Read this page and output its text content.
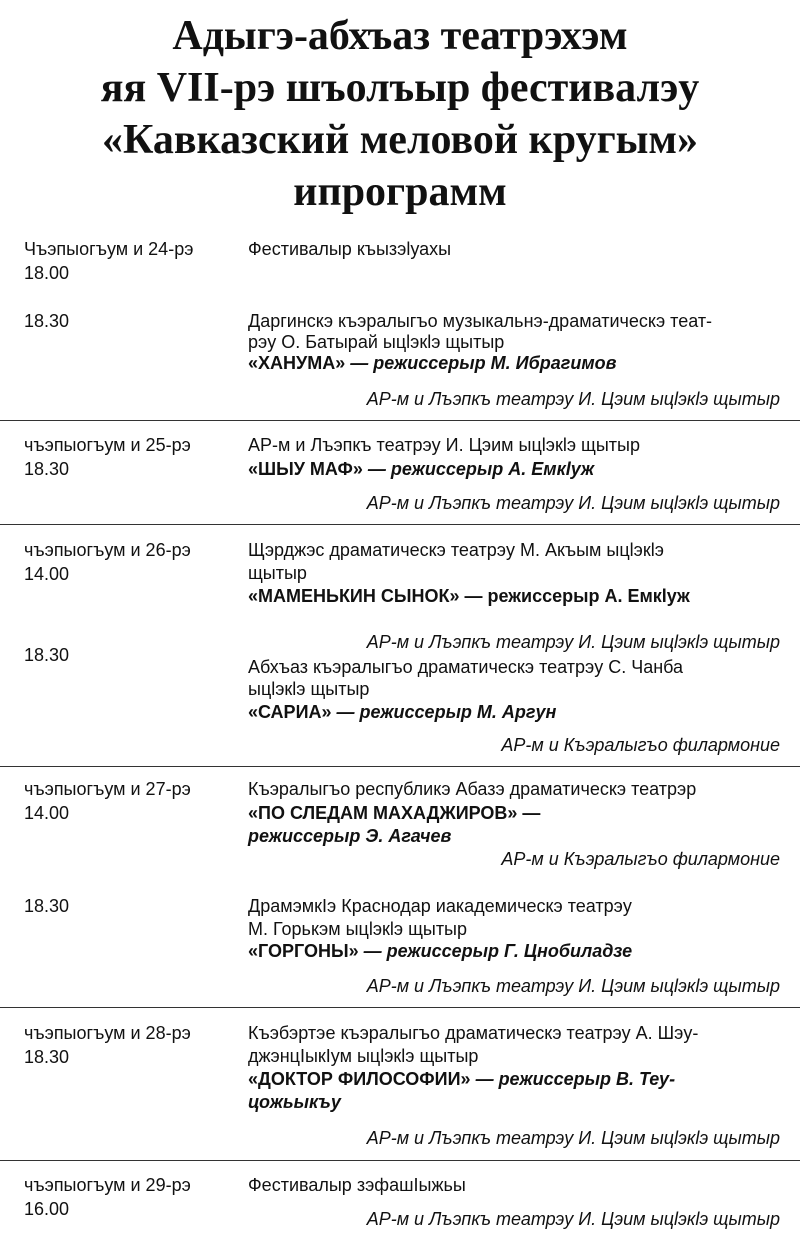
Адыгэ-абхъаз театрэхэм
яя VII-рэ шъолъыр фестивалэу
«Кавказский меловой кругым»
ипрограмм
Чъэпыогъум и 24-рэ
18.00
Фестивалыр къызэlуахы
18.30	Даргинскэ къэралыгъо музыкальнэ-драматическэ теат-
рэу О. Батырай ыцlэкlэ щытыр
«ХАНУМА» — режиссерыр М. Ибрагимов
АР-м и Лъэпкъ театрэу И. Цэим ыцlэкlэ щытыр
чъэпыогъум и 25-рэ
18.30
АР-м и Лъэпкъ театрэу И. Цэим ыцlэкlэ щытыр
«ШЫУ МАФ» — режиссерыр А. Емкlуж
АР-м и Лъэпкъ театрэу И. Цэим ыцlэкlэ щытыр
чъэпыогъум и 26-рэ
14.00
Щэрджэс драматическэ театрэу М. Акъым ыцlэкlэ
щытыр
«МАМЕНЬКИН СЫНОК» — режиссерыр А. Емкlуж
АР-м и Лъэпкъ театрэу И. Цэим ыцlэкlэ щытыр
18.30
Абхъаз къэралыгъо драматическэ театрэу С. Чанба
ыцlэкlэ щытыр
«САРИА» — режиссерыр М. Аргун
АР-м и Къэралыгъо филармоние
чъэпыогъум и 27-рэ
14.00
Къэралыгъо республикэ Абазэ драматическэ театрэр
«ПО СЛЕДАМ МАХАДЖИРОВ» —
режиссерыр Э. Агачев
АР-м и Къэралыгъо филармоние
18.30	ДрамэмкIэ Краснодар иакадемическэ театрэу
М. Горькэм ыцlэкlэ щытыр
«ГОРГОНЫ» — режиссерыр Г. Цнобиладзе
АР-м и Лъэпкъ театрэу И. Цэим ыцlэкlэ щытыр
чъэпыогъум и 28-рэ
18.30
Къэбэртэе къэралыгъо драматическэ театрэу А. Шэу-
джэнцIыкIум ыцlэкlэ щытыр
«ДОКТОР ФИЛОСОФИИ» — режиссерыр В. Теу-
цожьыкъу
АР-м и Лъэпкъ театрэу И. Цэим ыцlэкlэ щытыр
чъэпыогъум и 29-рэ
16.00
Фестивалыр зэфашIыжьы
АР-м и Лъэпкъ театрэу И. Цэим ыцlэкlэ щытыр
